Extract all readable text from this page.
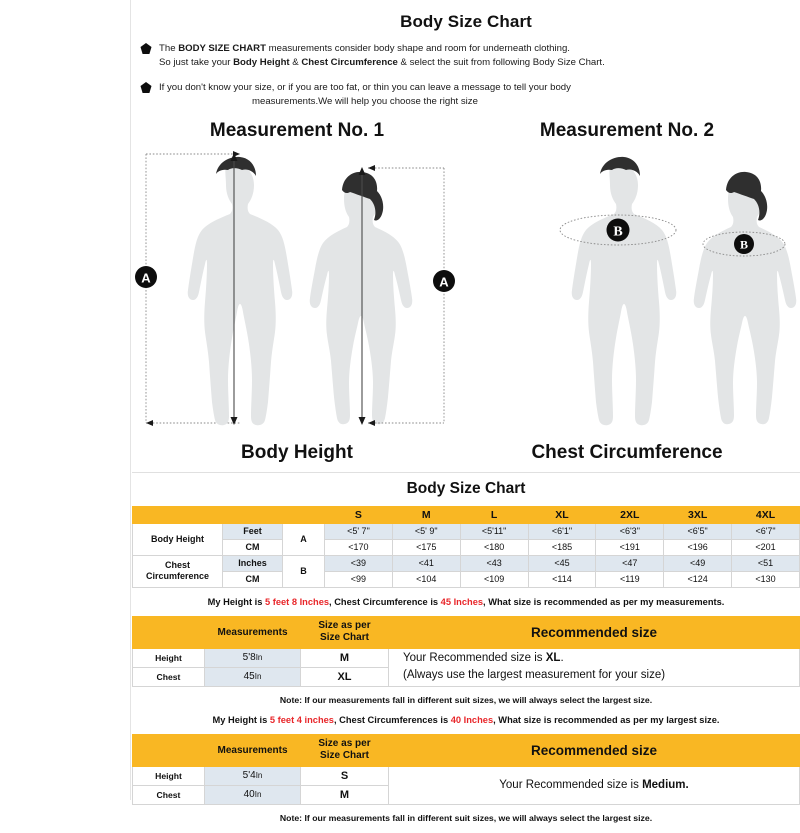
Body Size Chart
The BODY SIZE CHART measurements consider body shape and room for underneath clothing.
So just take your Body Height & Chest Circumference & select the suit from following Body Size Chart.
If you don't know your size, or if you are too fat, or thin you can leave a message to tell your body

measurements.We will help you choose the right size
Measurement No. 1	Measurement No. 2
A	A
B
B
Body Height	Chest Circumference
Body Size Chart
			S	M	L	XL	2XL	3XL	4XL
Body Height	Feet	A	<5' 7"	<5' 9"	<5'11"	<6'1"	<6'3"	<6'5"	<6'7"
	CM		<170	<175	<180	<185	<191	<196	<201
Chest Circumference	Inches	B	<39	<41	<43	<45	<47	<49	<51
	CM		<99	<104	<109	<114	<119	<124	<130
My Height is 5 feet 8 Inches, Chest Circumference is 45 Inches, What size is recommended as per my measurements.
	Measurements	Size as per
Size Chart	Recommended size
Height	5'8In	M	Your Recommended size is XL.
(Always use the largest measurement for your size)
Chest	45In	XL	
Note: If our measurements fall in different suit sizes, we will always select the largest size.
My Height is 5 feet 4 inches, Chest Circumferences is 40 Inches, What size is recommended as per my largest size.
	Measurements	Size as per
Size Chart	Recommended size
Height	5'4In	S	Your Recommended size is Medium.
Chest	40In	M	
Note: If our measurements fall in different suit sizes, we will always select the largest size.
